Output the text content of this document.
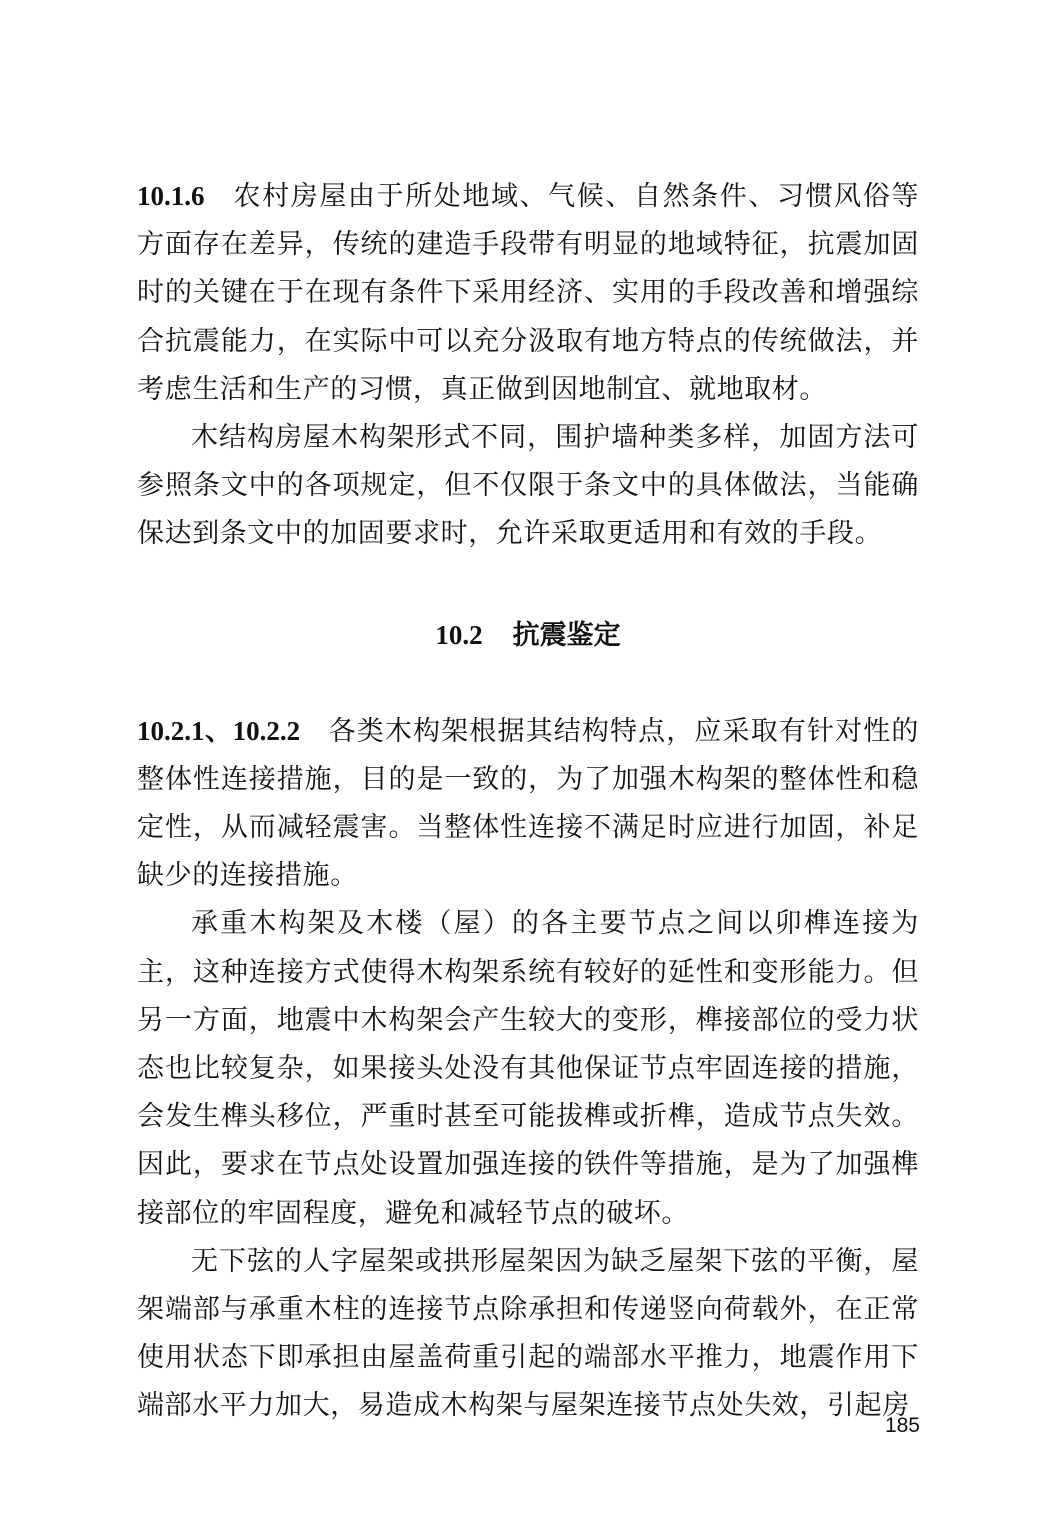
10.1.6 农村房屋由于所处地域、气候、自然条件、习惯风俗等方面存在差异，传统的建造手段带有明显的地域特征，抗震加固时的关键在于在现有条件下采用经济、实用的手段改善和增强综合抗震能力，在实际中可以充分汲取有地方特点的传统做法，并考虑生活和生产的习惯，真正做到因地制宜、就地取材。

木结构房屋木构架形式不同，围护墙种类多样，加固方法可参照条文中的各项规定，但不仅限于条文中的具体做法，当能确保达到条文中的加固要求时，允许采取更适用和有效的手段。

10.2 抗震鉴定

10.2.1、10.2.2 各类木构架根据其结构特点，应采取有针对性的整体性连接措施，目的是一致的，为了加强木构架的整体性和稳定性，从而减轻震害。当整体性连接不满足时应进行加固，补足缺少的连接措施。

承重木构架及木楼（屋）的各主要节点之间以卯榫连接为主，这种连接方式使得木构架系统有较好的延性和变形能力。但另一方面，地震中木构架会产生较大的变形，榫接部位的受力状态也比较复杂，如果接头处没有其他保证节点牢固连接的措施，会发生榫头移位，严重时甚至可能拔榫或折榫，造成节点失效。因此，要求在节点处设置加强连接的铁件等措施，是为了加强榫接部位的牢固程度，避免和减轻节点的破坏。

无下弦的人字屋架或拱形屋架因为缺乏屋架下弦的平衡，屋架端部与承重木柱的连接节点除承担和传递竖向荷载外，在正常使用状态下即承担由屋盖荷重引起的端部水平推力，地震作用下端部水平力加大，易造成木构架与屋架连接节点处失效，引起房

185
